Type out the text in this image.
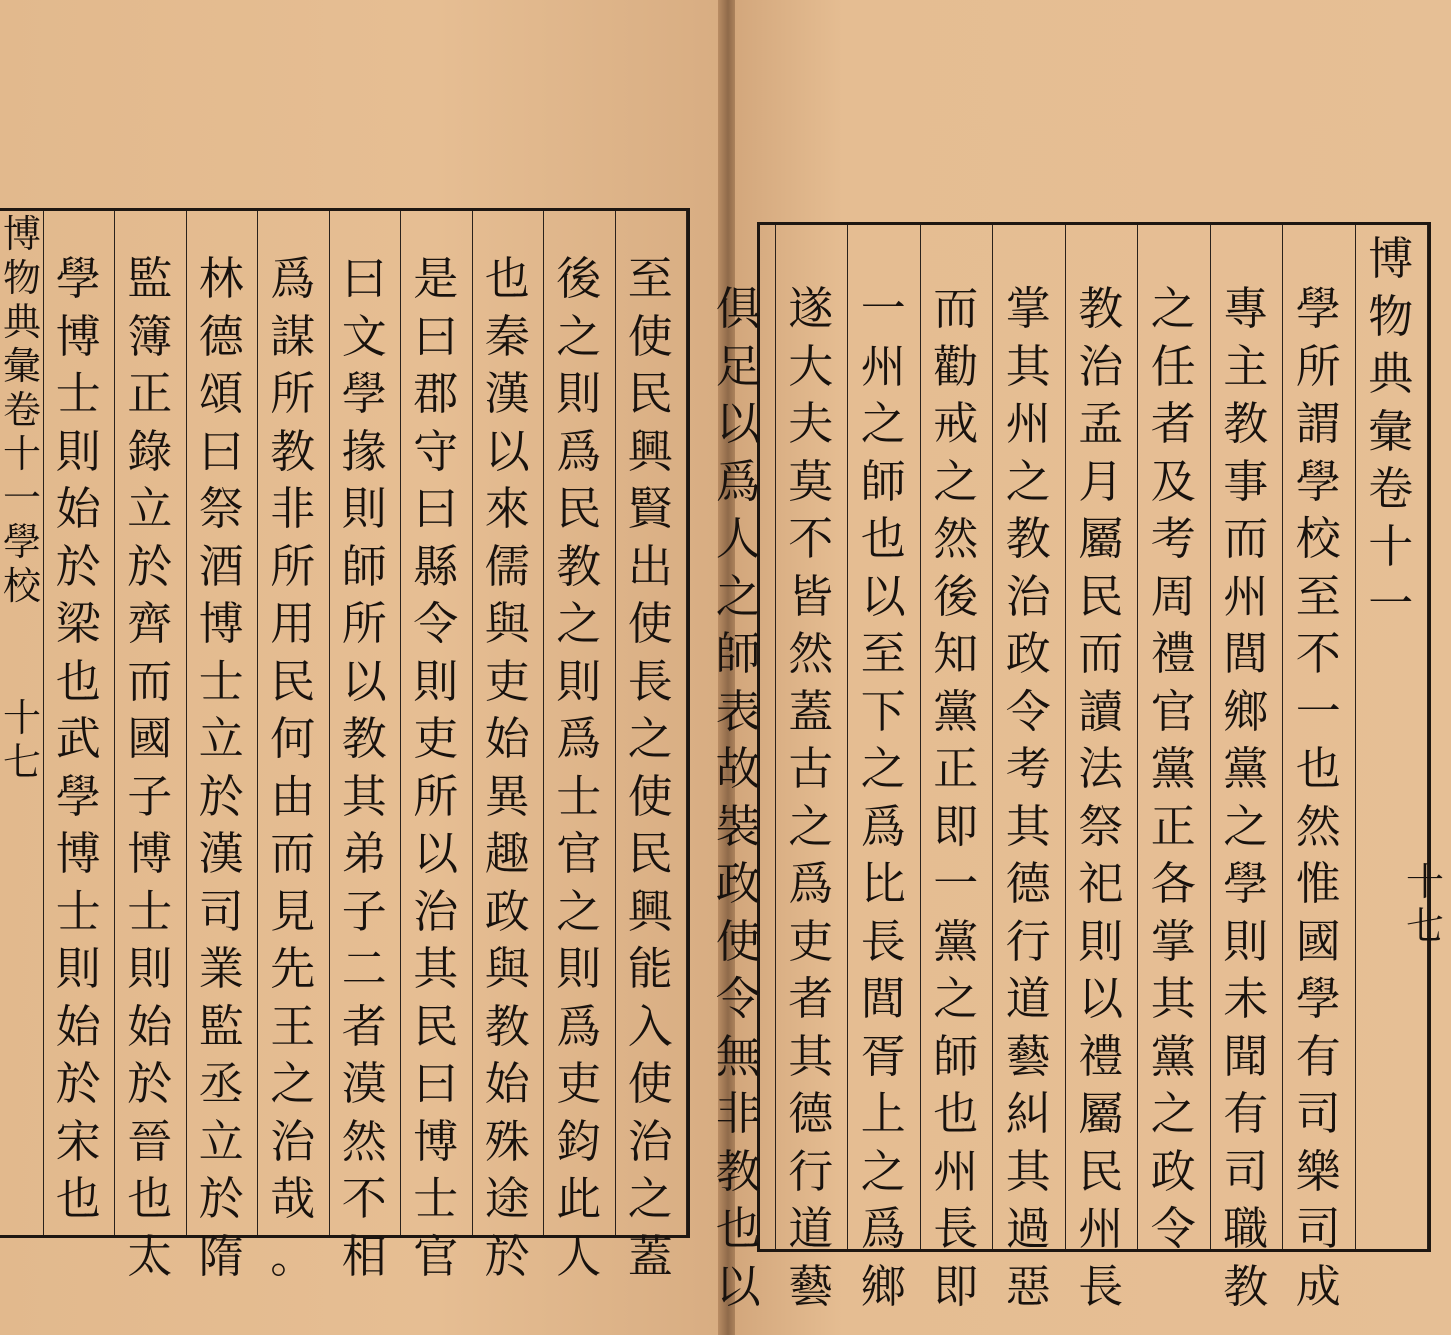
博
物
典
彙
卷
十
一
學
校
十
七
至
使
民
興
賢
出
使
長
之
使
民
興
能
入
使
治
之
蓋
後
之
則
爲
民
教
之
則
爲
士
官
之
則
爲
吏
鈞
此
人
也
秦
漢
以
來
儒
與
吏
始
異
趣
政
與
教
始
殊
途
於
是
曰
郡
守
曰
縣
令
則
吏
所
以
治
其
民
曰
博
士
官
曰
文
學
掾
則
師
所
以
教
其
弟
子
二
者
漠
然
不
相
爲
謀
所
教
非
所
用
民
何
由
而
見
先
王
之
治
哉
。
林
德
頌
曰
祭
酒
博
士
立
於
漢
司
業
監
丞
立
於
隋
監
簿
正
錄
立
於
齊
而
國
子
博
士
則
始
於
晉
也
太
學
博
士
則
始
於
梁
也
武
學
博
士
則
始
於
宋
也
博
物
典
彙
卷
十
一
學
所
謂
學
校
至
不
一
也
然
惟
國
學
有
司
樂
司
成
專
主
教
事
而
州
閭
鄉
黨
之
學
則
未
聞
有
司
職
教
之
任
者
及
考
周
禮
官
黨
正
各
掌
其
黨
之
政
令
教
治
孟
月
屬
民
而
讀
法
祭
祀
則
以
禮
屬
民
州
長
掌
其
州
之
教
治
政
令
考
其
德
行
道
藝
糾
其
過
惡
而
勸
戒
之
然
後
知
黨
正
即
一
黨
之
師
也
州
長
即
一
州
之
師
也
以
至
下
之
爲
比
長
閭
胥
上
之
爲
鄉
遂
大
夫
莫
不
皆
然
蓋
古
之
爲
吏
者
其
德
行
道
藝
俱
足
以
爲
人
之
師
表
故
裝
政
使
令
無
非
教
也
以
十
七
